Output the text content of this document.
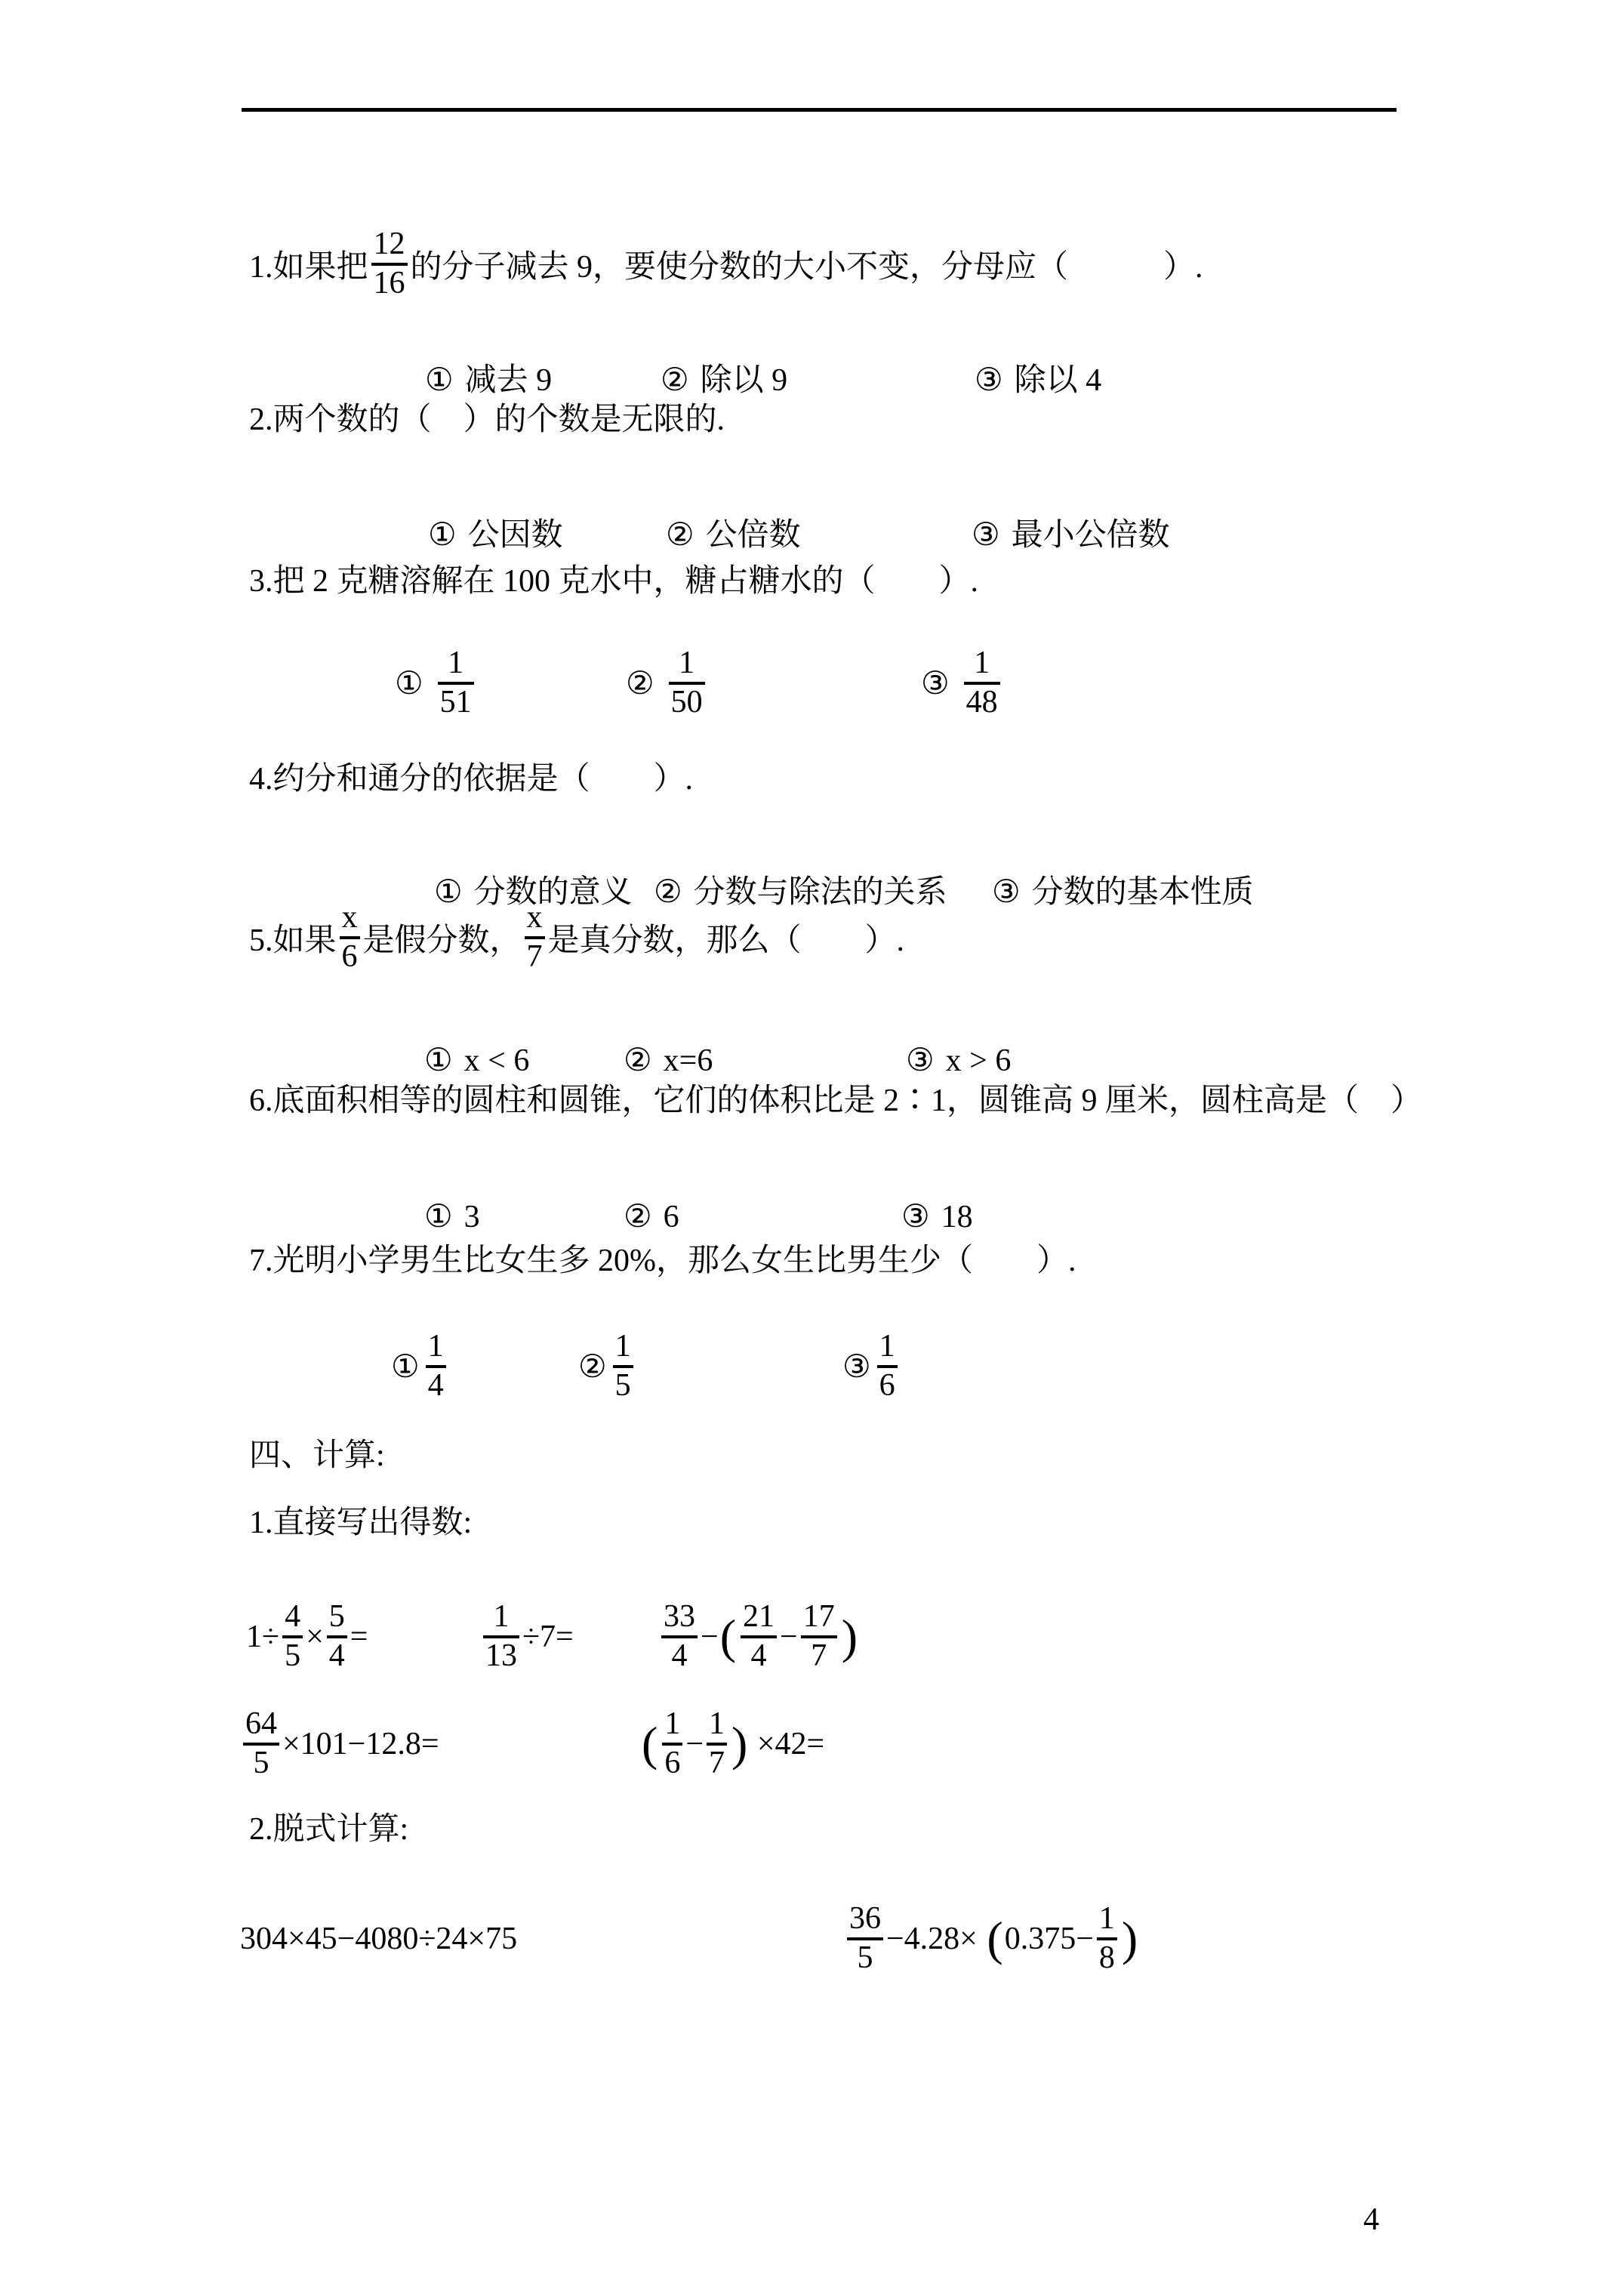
1.如果把 $\frac{12}{16}$ 的分子减去 9，要使分数的大小不变，分母应（　　　）.

① 减去 9
	② 除以 9
	③ 除以 4

2.两个数的（　）的个数是无限的.

① 公因数
	② 公倍数
	③ 最小公倍数

3.把 2 克糖溶解在 100 克水中，糖占糖水的（　　）.
① $\frac{1}{51}$	② $\frac{1}{50}$	③ $\frac{1}{48}$
4.约分和通分的依据是（　　）.

① 分数的意义
② 分数与除法的关系
	③ 分数的基本性质

5.如果 $\frac{x}{6}$ 是假分数， $\frac{x}{7}$ 是真分数，那么（　　）.

① x < 6
	② x=6
	③ x > 6

6.底面积相等的圆柱和圆锥，它们的体积比是 2∶1，圆锥高 9 厘米，圆柱高是（　）

① 3
	② 6
	③ 18

7.光明小学男生比女生多 20%，那么女生比男生少（　　）.
① $\frac{1}{4}$	② $\frac{1}{5}$	③ $\frac{1}{6}$
四、计算:
1.直接写出得数:
$1\div \frac{4}{5} \times \frac{5}{4}$ =	$\frac{1}{13} \div 7=$	$\frac{33}{4}$ − ( $\frac{21}{4} - \frac{17}{7}$ )
$\frac{64}{5} \times 101-12.8=$	( $\frac{1}{6} - \frac{1}{7}$ ) ×42=
2.脱式计算:
304×45−4080÷24×75	$\frac{36}{5} -4.28\times$ ( $0.375- \frac{1}{8}$ )
4
